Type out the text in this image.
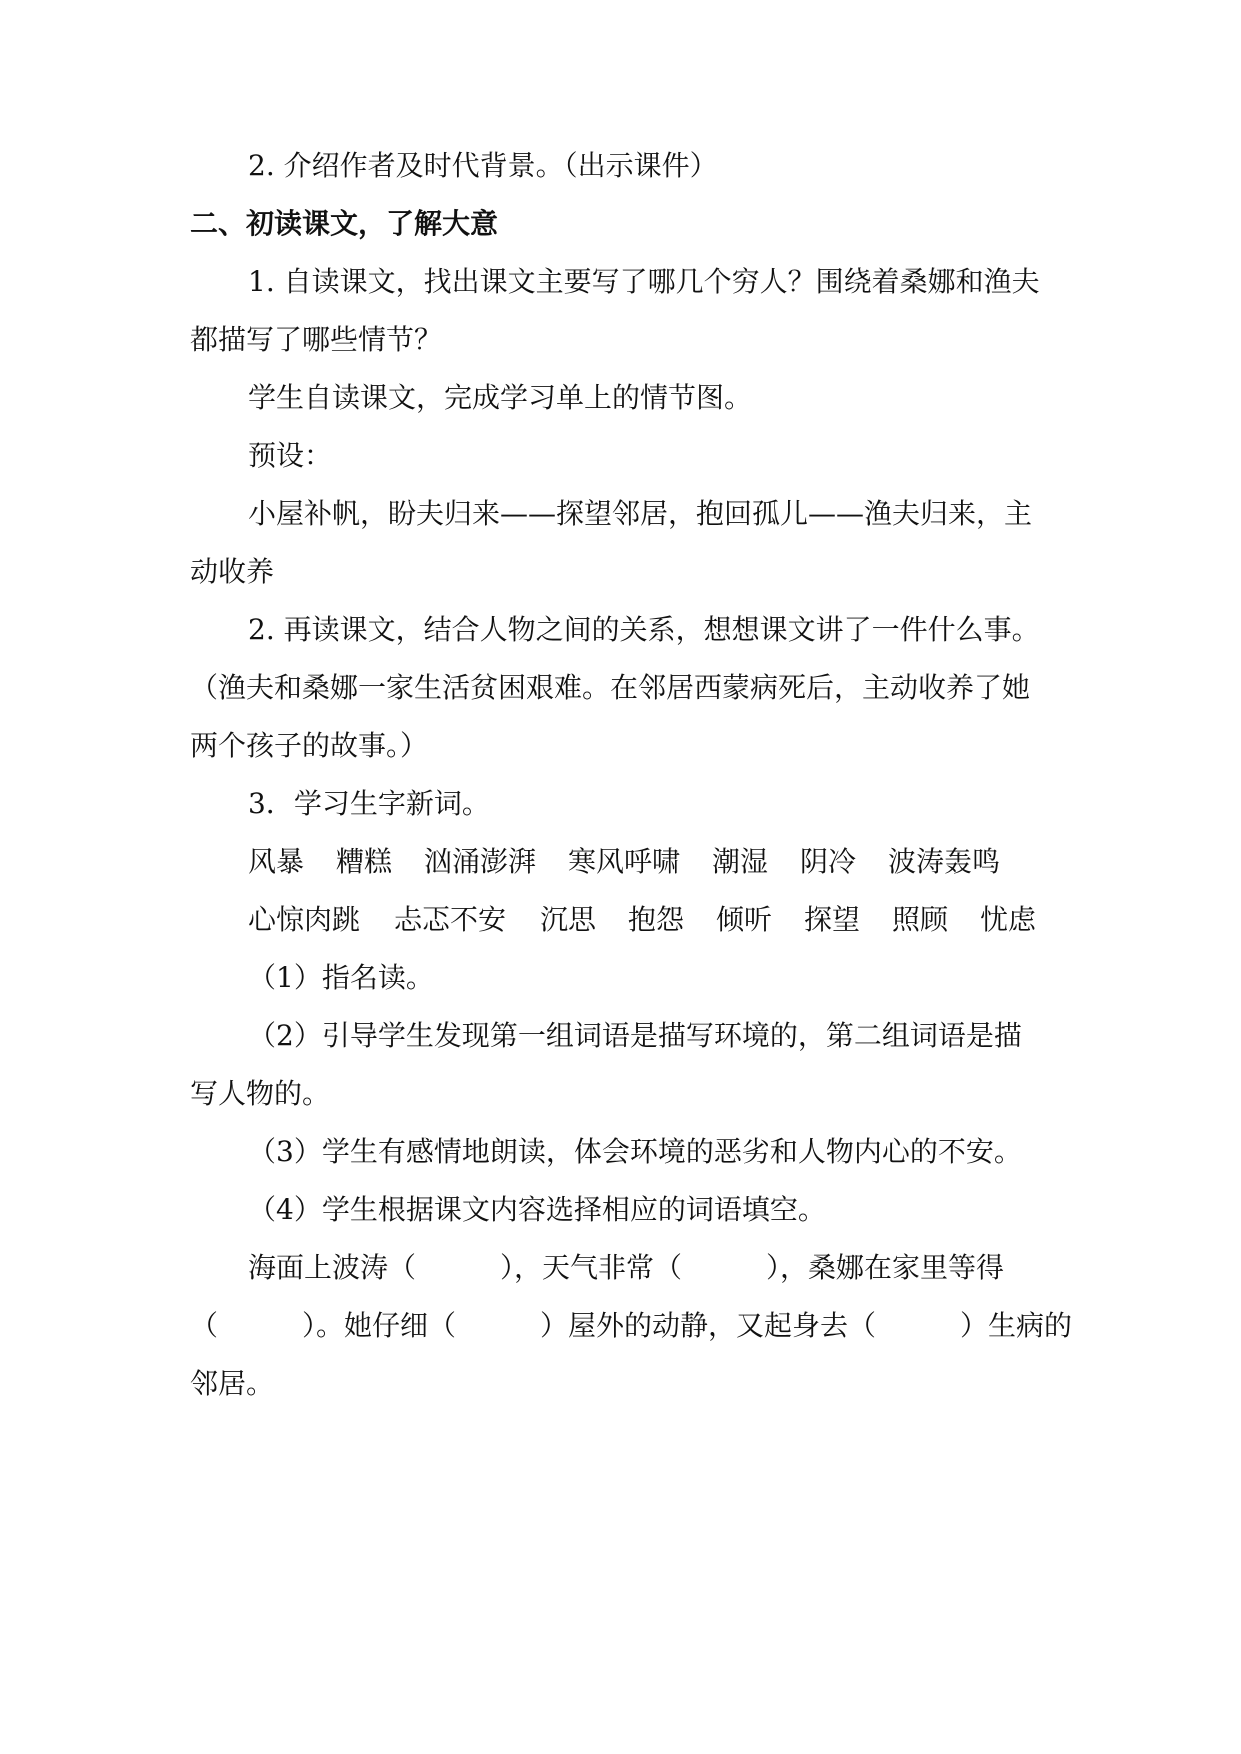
2. 介绍作者及时代背景。（出示课件）
二、初读课文，了解大意
1. 自读课文，找出课文主要写了哪几个穷人？围绕着桑娜和渔夫
都描写了哪些情节？
学生自读课文，完成学习单上的情节图。
预设：
小屋补帆，盼夫归来——探望邻居，抱回孤儿——渔夫归来，主
动收养
2. 再读课文，结合人物之间的关系，想想课文讲了一件什么事。
（渔夫和桑娜一家生活贫困艰难。在邻居西蒙病死后，主动收养了她
两个孩子的故事。）
3．学习生字新词。
风暴 糟糕 汹涌澎湃 寒风呼啸 潮湿 阴冷 波涛轰鸣
心惊肉跳 忐忑不安 沉思 抱怨 倾听 探望 照顾 忧虑
（1）指名读。
（2）引导学生发现第一组词语是描写环境的，第二组词语是描
写人物的。
（3）学生有感情地朗读，体会环境的恶劣和人物内心的不安。
（4）学生根据课文内容选择相应的词语填空。
海面上波涛（　　　），天气非常（　　　），桑娜在家里等得
（　　　）。她仔细（　　　）屋外的动静，又起身去（　　　）生病的
邻居。
